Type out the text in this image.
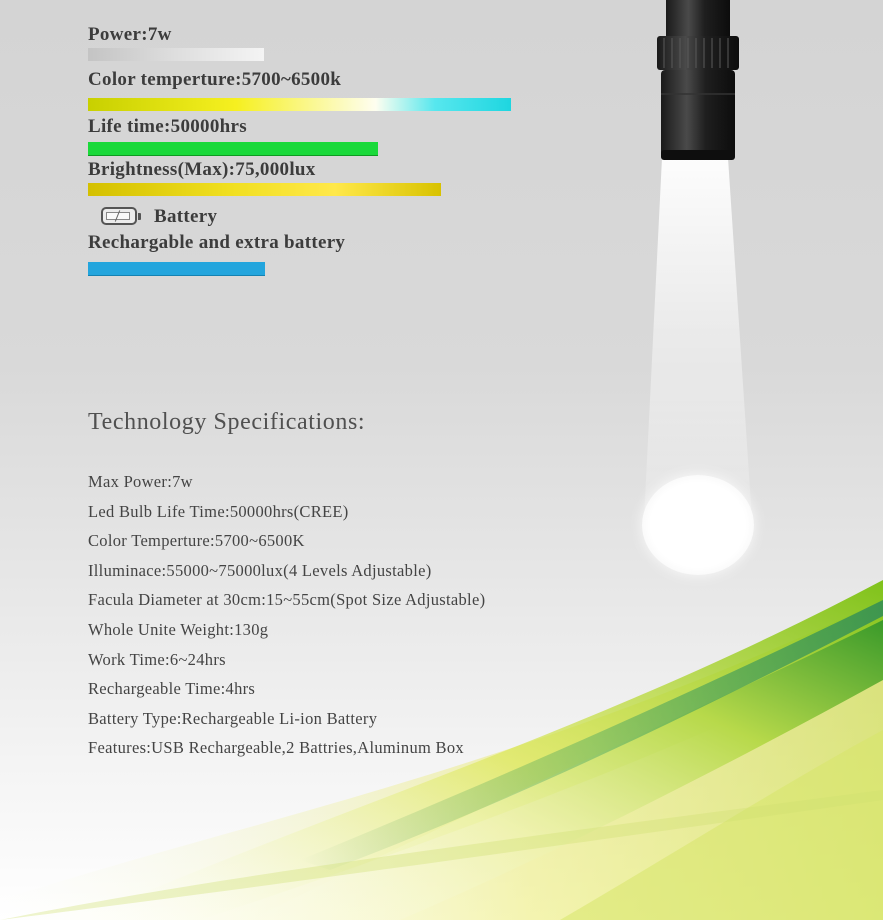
Power:7w
Color temperture:5700~6500k
Life time:50000hrs
Brightness(Max):75,000lux
Battery
Rechargable and extra battery
Technology Specifications:
Max Power:7w
Led Bulb Life Time:50000hrs(CREE)
Color Temperture:5700~6500K
Illuminace:55000~75000lux(4 Levels Adjustable)
Facula Diameter at 30cm:15~55cm(Spot Size Adjustable)
Whole Unite Weight:130g
Work Time:6~24hrs
Rechargeable Time:4hrs
Battery Type:Rechargeable Li-ion Battery
Features:USB Rechargeable,2 Battries,Aluminum Box
